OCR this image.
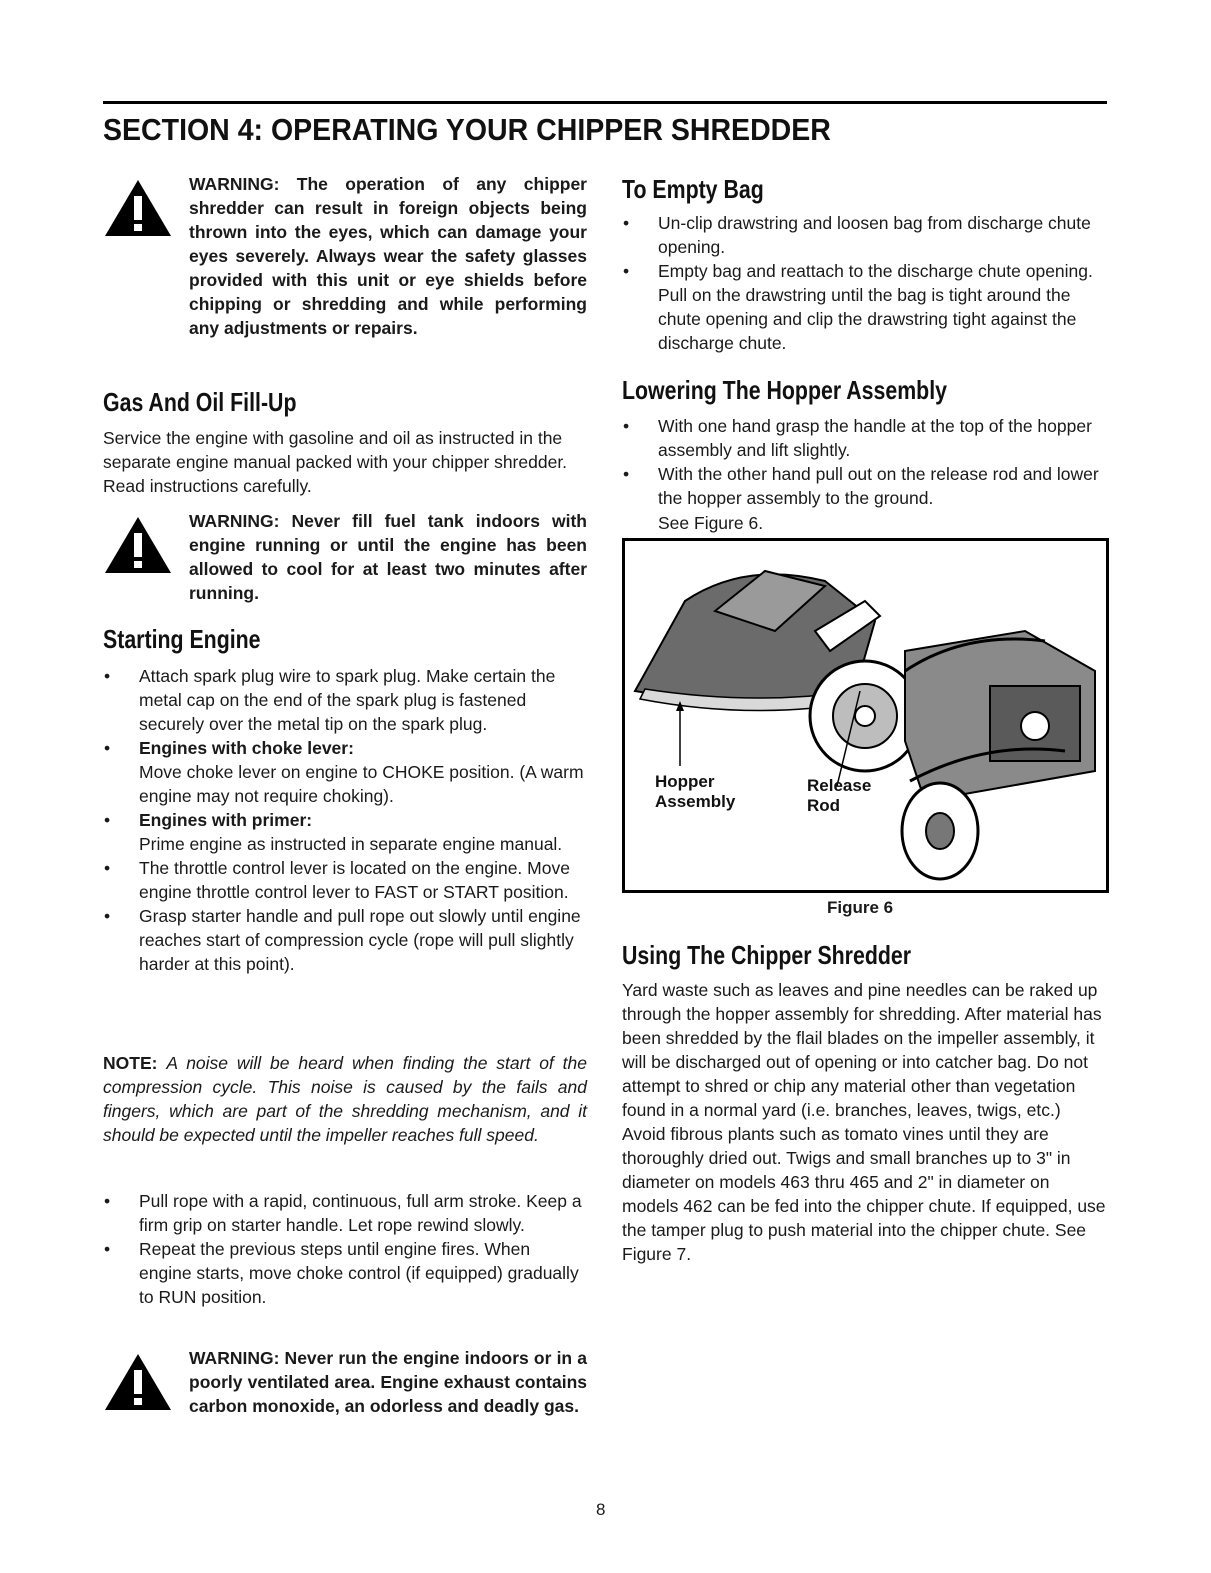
SECTION 4: OPERATING YOUR CHIPPER SHREDDER

WARNING: The operation of any chipper shredder can result in foreign objects being thrown into the eyes, which can damage your eyes severely. Always wear the safety glasses provided with this unit or eye shields before chipping or shredding and while performing any adjustments or repairs.

Gas And Oil Fill-Up

Service the engine with gasoline and oil as instructed in the separate engine manual packed with your chipper shredder. Read instructions carefully.

WARNING: Never fill fuel tank indoors with engine running or until the engine has been allowed to cool for at least two minutes after running.

Starting Engine
• Attach spark plug wire to spark plug. Make certain the metal cap on the end of the spark plug is fastened securely over the metal tip on the spark plug.
• Engines with choke lever:
Move choke lever on engine to CHOKE position. (A warm engine may not require choking).
• Engines with primer:
Prime engine as instructed in separate engine manual.
• The throttle control lever is located on the engine. Move engine throttle control lever to FAST or START position.
• Grasp starter handle and pull rope out slowly until engine reaches start of compression cycle (rope will pull slightly harder at this point).

NOTE: A noise will be heard when finding the start of the compression cycle. This noise is caused by the fails and fingers, which are part of the shredding mechanism, and it should be expected until the impeller reaches full speed.

• Pull rope with a rapid, continuous, full arm stroke. Keep a firm grip on starter handle. Let rope rewind slowly.
• Repeat the previous steps until engine fires. When engine starts, move choke control (if equipped) gradually to RUN position.

WARNING: Never run the engine indoors or in a poorly ventilated area. Engine exhaust contains carbon monoxide, an odorless and deadly gas.

To Empty Bag
• Un-clip drawstring and loosen bag from discharge chute opening.
• Empty bag and reattach to the discharge chute opening. Pull on the drawstring until the bag is tight around the chute opening and clip the drawstring tight against the discharge chute.
Lowering The Hopper Assembly
• With one hand grasp the handle at the top of the hopper assembly and lift slightly.
• With the other hand pull out on the release rod and lower the hopper assembly to the ground.

See Figure 6.

Hopper
Assembly
Release
Rod
Figure 6
Using The Chipper Shredder

Yard waste such as leaves and pine needles can be raked up through the hopper assembly for shredding. After material has been shredded by the flail blades on the impeller assembly, it will be discharged out of opening or into catcher bag. Do not attempt to shred or chip any material other than vegetation found in a normal yard (i.e. branches, leaves, twigs, etc.) Avoid fibrous plants such as tomato vines until they are thoroughly dried out. Twigs and small branches up to 3" in diameter on models 463 thru 465 and 2" in diameter on models 462 can be fed into the chipper chute. If equipped, use the tamper plug to push material into the chipper chute. See Figure 7.

8
